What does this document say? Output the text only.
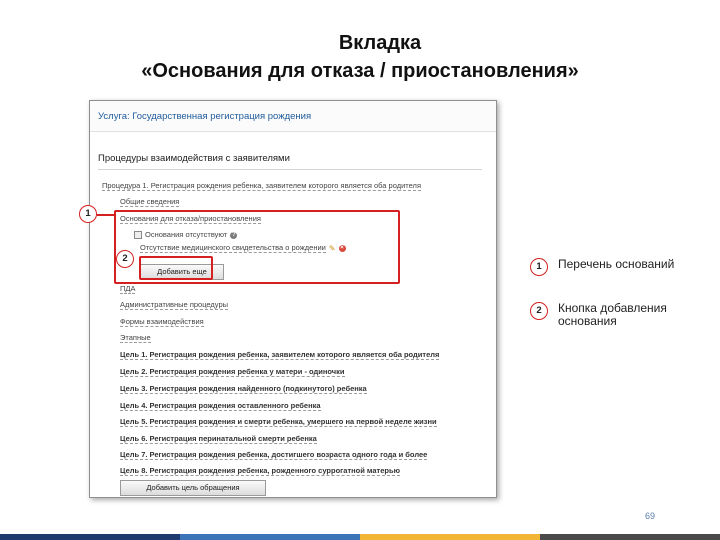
Вкладка
«Основания для отказа / приостановления»
Услуга: Государственная регистрация рождения
Процедуры взаимодействия с заявителями
Процедура 1. Регистрация рождения ребенка, заявителем которого является оба родителя
Общие сведения
Основания для отказа/приостановления
Основания отсутствуют ?
Отсутствие медицинского свидетельства о рождении ✎ ×
Добавить еще
ПДА
Административные процедуры
Формы взаимодействия
Этапные
Цель 1. Регистрация рождения ребенка, заявителем которого является оба родителя
Цель 2. Регистрация рождения ребенка у матери - одиночки
Цель 3. Регистрация рождения найденного (подкинутого) ребенка
Цель 4. Регистрация рождения оставленного ребенка
Цель 5. Регистрация рождения и смерти ребенка, умершего на первой неделе жизни
Цель 6. Регистрация перинатальной смерти ребенка
Цель 7. Регистрация рождения ребенка, достигшего возраста одного года и более
Цель 8. Регистрация рождения ребенка, рожденного суррогатной матерью
Добавить цель обращения
1
2
1	Перечень оснований
2	Кнопка добавления основания
69
